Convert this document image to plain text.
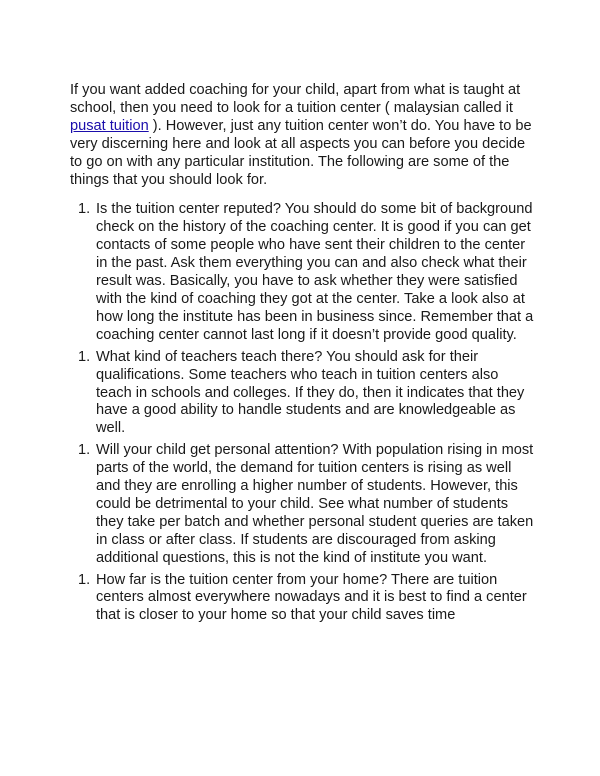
If you want added coaching for your child, apart from what is taught at school, then you need to look for a tuition center ( malaysian called it pusat tuition ). However, just any tuition center won’t do. You have to be very discerning here and look at all aspects you can before you decide to go on with any particular institution. The following are some of the things that you should look for.

1. Is the tuition center reputed? You should do some bit of background check on the history of the coaching center. It is good if you can get contacts of some people who have sent their children to the center in the past. Ask them everything you can and also check what their result was. Basically, you have to ask whether they were satisfied with the kind of coaching they got at the center. Take a look also at how long the institute has been in business since. Remember that a coaching center cannot last long if it doesn’t provide good quality.
1. What kind of teachers teach there? You should ask for their qualifications. Some teachers who teach in tuition centers also teach in schools and colleges. If they do, then it indicates that they have a good ability to handle students and are knowledgeable as well.
1. Will your child get personal attention? With population rising in most parts of the world, the demand for tuition centers is rising as well and they are enrolling a higher number of students. However, this could be detrimental to your child. See what number of students they take per batch and whether personal student queries are taken in class or after class. If students are discouraged from asking additional questions, this is not the kind of institute you want.
1. How far is the tuition center from your home? There are tuition centers almost everywhere nowadays and it is best to find a center that is closer to your home so that your child saves time
